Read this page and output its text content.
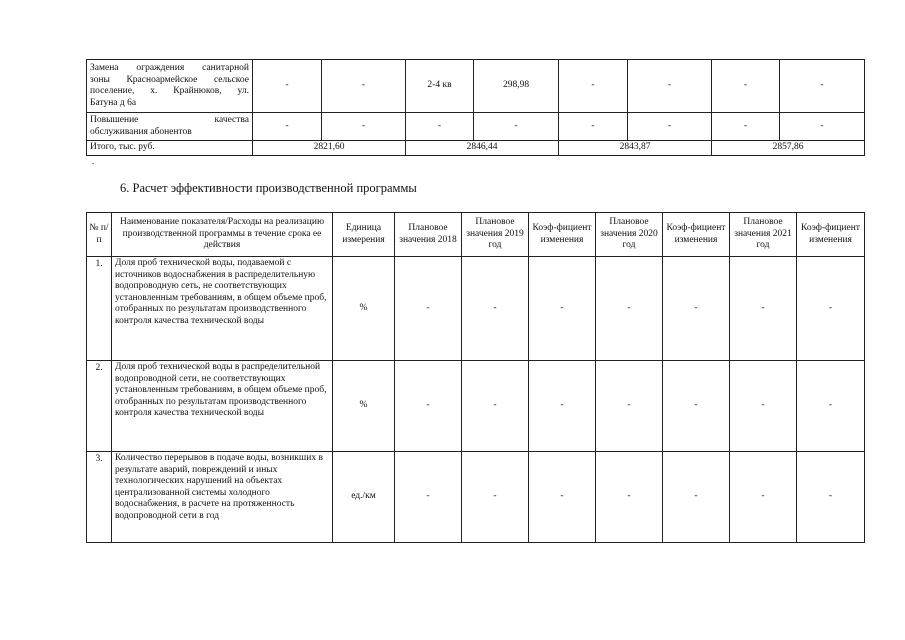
Замена ограждения санитарной
зоны Красноармейское сельское
поселение, х. Крайнюков, ул.
Батуна д 6а	-	-	2-4 кв	298,98	-	-	-	-

Повышение качества
обслуживания абонентов	-	-	-	-	-	-	-	-
Итого, тыс. руб.	2821,60		2846,44		2843,87		2857,86	
.
6. Расчет эффективности производственной программы
№ п/п	Наименование показателя/Расходы на реализацию производственной программы в течение срока ее действия	Единица измерения	Плановое значения 2018	Плановое значения 2019 год	Коэф-фициент изменения	Плановое значения 2020 год	Коэф-фициент изменения	Плановое значения 2021 год	Коэф-фициент изменения
1.	Доля проб технической воды, подаваемой с источников водоснабжения в распределительную водопроводную сеть, не соответствующих установленным требованиям, в общем объеме проб, отобранных по результатам производственного контроля качества технической воды	%	-	-	-	-	-	-	-
2.	Доля проб технической воды в распределительной водопроводной сети, не соответствующих установленным требованиям, в общем объеме проб, отобранных по результатам производственного контроля качества технической воды	%	-	-	-	-	-	-	-
3.	Количество перерывов в подаче воды, возникших в результате аварий, повреждений и иных технологических нарушений на объектах централизованной системы холодного водоснабжения, в расчете на протяженность водопроводной сети в год	ед./км	-	-	-	-	-	-	-
